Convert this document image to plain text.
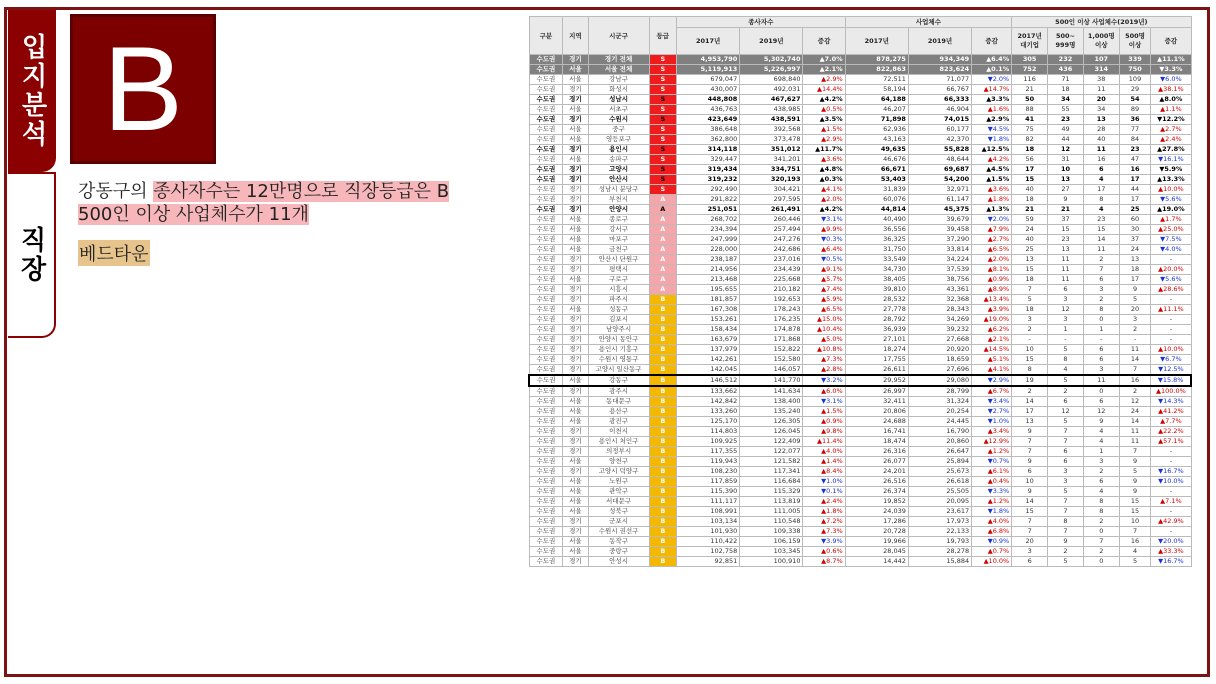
입지분석
직장
B
강동구의 종사자수는 12만명으로 직장등급은 B
500인 이상 사업체수가 11개
베드타운
구분	지역	시군구	등급	종사자수			사업체수			500인 이상 사업체수(2019년)				
				2017년	2019년	증감	2017년	2019년	증감	2017년 대기업	500~ 999명	1,000명 이상	500명 이상	증감
수도권	경기	경기 전체	S	4,953,790	5,302,740	▲7.0%	878,275	934,349	▲6.4%	305	232	107	339	▲11.1%
수도권	서울	서울 전체	S	5,119,913	5,226,997	▲2.1%	822,863	823,624	▲0.1%	752	436	314	750	▼3.3%
수도권	서울	강남구	S	679,047	698,840	▲2.9%	72,511	71,077	▼2.0%	116	71	38	109	▼6.0%
수도권	경기	화성시	S	430,007	492,031	▲14.4%	58,194	66,767	▲14.7%	21	18	11	29	▲38.1%
수도권	경기	성남시	S	448,808	467,627	▲4.2%	64,188	66,333	▲3.3%	50	34	20	54	▲8.0%
수도권	서울	서초구	S	436,763	438,985	▲0.5%	46,207	46,904	▲1.6%	88	55	34	89	▲1.1%
수도권	경기	수원시	S	423,649	438,591	▲3.5%	71,898	74,015	▲2.9%	41	23	13	36	▼12.2%
수도권	서울	중구	S	386,648	392,568	▲1.5%	62,936	60,177	▼4.5%	75	49	28	77	▲2.7%
수도권	서울	영등포구	S	362,800	373,478	▲2.9%	43,163	42,370	▼1.8%	82	44	40	84	▲2.4%
수도권	경기	용인시	S	314,118	351,012	▲11.7%	49,635	55,828	▲12.5%	18	12	11	23	▲27.8%
수도권	서울	송파구	S	329,447	341,201	▲3.6%	46,676	48,644	▲4.2%	56	31	16	47	▼16.1%
수도권	경기	고양시	S	319,434	334,751	▲4.8%	66,671	69,687	▲4.5%	17	10	6	16	▼5.9%
수도권	경기	안산시	S	319,232	320,193	▲0.3%	53,403	54,200	▲1.5%	15	13	4	17	▲13.3%
수도권	경기	성남시 분당구	S	292,490	304,421	▲4.1%	31,839	32,971	▲3.6%	40	27	17	44	▲10.0%
수도권	경기	부천시	A	291,822	297,595	▲2.0%	60,076	61,147	▲1.8%	18	9	8	17	▼5.6%
수도권	경기	안양시	A	251,051	261,491	▲4.2%	44,814	45,375	▲1.3%	21	21	4	25	▲19.0%
수도권	서울	종로구	A	268,702	260,446	▼3.1%	40,490	39,679	▼2.0%	59	37	23	60	▲1.7%
수도권	서울	강서구	A	234,394	257,494	▲9.9%	36,556	39,458	▲7.9%	24	15	15	30	▲25.0%
수도권	서울	마포구	A	247,999	247,276	▼0.3%	36,325	37,290	▲2.7%	40	23	14	37	▼7.5%
수도권	서울	금천구	A	228,000	242,686	▲6.4%	31,750	33,814	▲6.5%	25	13	11	24	▼4.0%
수도권	경기	안산시 단원구	A	238,187	237,016	▼0.5%	33,549	34,224	▲2.0%	13	11	2	13	-
수도권	경기	평택시	A	214,956	234,439	▲9.1%	34,730	37,539	▲8.1%	15	11	7	18	▲20.0%
수도권	서울	구로구	A	213,468	225,668	▲5.7%	38,405	38,756	▲0.9%	18	11	6	17	▼5.6%
수도권	경기	시흥시	A	195,655	210,182	▲7.4%	39,810	43,361	▲8.9%	7	6	3	9	▲28.6%
수도권	경기	파주시	B	181,857	192,653	▲5.9%	28,532	32,368	▲13.4%	5	3	2	5	-
수도권	서울	성동구	B	167,308	178,243	▲6.5%	27,778	28,343	▲3.9%	18	12	8	20	▲11.1%
수도권	경기	김포시	B	153,261	176,235	▲15.0%	28,792	34,269	▲19.0%	3	3	0	3	-
수도권	경기	남양주시	B	158,434	174,878	▲10.4%	36,939	39,232	▲6.2%	2	1	1	2	-
수도권	경기	안양시 동안구	B	163,679	171,868	▲5.0%	27,101	27,668	▲2.1%	-	-	-	-	-
수도권	경기	용인시 기흥구	B	137,979	152,822	▲10.8%	18,274	20,920	▲14.5%	10	5	6	11	▲10.0%
수도권	경기	수원시 영통구	B	142,261	152,580	▲7.3%	17,755	18,659	▲5.1%	15	8	6	14	▼6.7%
수도권	경기	고양시 일산동구	B	142,045	146,057	▲2.8%	26,611	27,696	▲4.1%	8	4	3	7	▼12.5%
수도권	서울	강동구	B	146,512	141,770	▼3.2%	29,952	29,080	▼2.9%	19	5	11	16	▼15.8%
수도권	경기	광주시	B	133,662	141,634	▲6.0%	26,997	28,799	▲6.7%	2	2	0	2	▲100.0%
수도권	서울	동대문구	B	142,842	138,400	▼3.1%	32,411	31,324	▼3.4%	14	6	6	12	▼14.3%
수도권	서울	용산구	B	133,260	135,240	▲1.5%	20,806	20,254	▼2.7%	17	12	12	24	▲41.2%
수도권	서울	광진구	B	125,170	126,305	▲0.9%	24,688	24,445	▼1.0%	13	5	9	14	▲7.7%
수도권	경기	이천시	B	114,803	126,045	▲9.8%	16,741	16,790	▲3.4%	9	7	4	11	▲22.2%
수도권	경기	용인시 처인구	B	109,925	122,409	▲11.4%	18,474	20,860	▲12.9%	7	7	4	11	▲57.1%
수도권	경기	의정부시	B	117,355	122,077	▲4.0%	26,316	26,647	▲1.2%	7	6	1	7	-
수도권	서울	양천구	B	119,943	121,582	▲1.4%	26,077	25,894	▼0.7%	9	6	3	9	-
수도권	경기	고양시 덕양구	B	108,230	117,341	▲8.4%	24,201	25,673	▲6.1%	6	3	2	5	▼16.7%
수도권	서울	노원구	B	117,859	116,684	▼1.0%	26,516	26,618	▲0.4%	10	3	6	9	▼10.0%
수도권	서울	관악구	B	115,390	115,329	▼0.1%	26,374	25,505	▼3.3%	9	5	4	9	-
수도권	서울	서대문구	B	111,117	113,819	▲2.4%	19,852	20,095	▲1.2%	14	7	8	15	▲7.1%
수도권	서울	성북구	B	108,991	111,005	▲1.8%	24,039	23,617	▼1.8%	15	7	8	15	-
수도권	경기	군포시	B	103,134	110,548	▲7.2%	17,286	17,973	▲4.0%	7	8	2	10	▲42.9%
수도권	경기	수원시 권선구	B	101,930	109,338	▲7.3%	20,728	22,133	▲6.8%	7	7	0	7	-
수도권	서울	동작구	B	110,422	106,159	▼3.9%	19,966	19,793	▼0.9%	20	9	7	16	▼20.0%
수도권	서울	중랑구	B	102,758	103,345	▲0.6%	28,045	28,278	▲0.7%	3	2	2	4	▲33.3%
수도권	경기	안성시	B	92,851	100,910	▲8.7%	14,442	15,884	▲10.0%	6	5	0	5	▼16.7%
